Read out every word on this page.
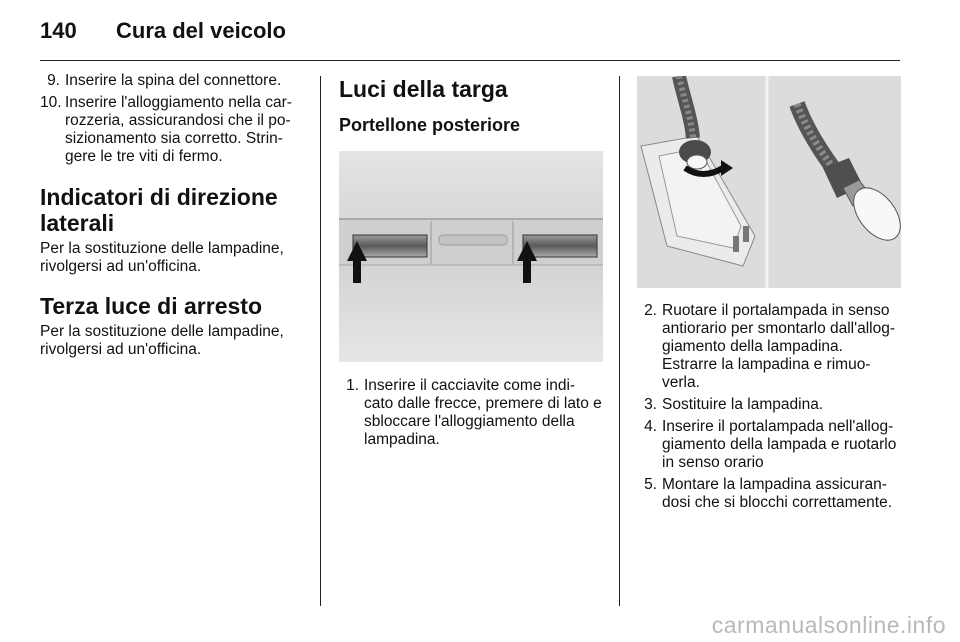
140	Cura del veicolo
9. Inserire la spina del connettore.
10. Inserire l'alloggiamento nella car-rozzeria, assicurandosi che il po-sizionamento sia corretto. Strin-gere le tre viti di fermo.
Indicatori di direzione laterali

Per la sostituzione delle lampadine, rivolgersi ad un'officina.

Terza luce di arresto

Per la sostituzione delle lampadine, rivolgersi ad un'officina.

Luci della targa
Portellone posteriore
1. Inserire il cacciavite come indi-cato dalle frecce, premere di lato e sbloccare l'alloggiamento della lampadina.
2. Ruotare il portalampada in senso antiorario per smontarlo dall'allog-giamento della lampadina. Estrarre la lampadina e rimuo-verla.
3. Sostituire la lampadina.
4. Inserire il portalampada nell'allog-giamento della lampada e ruotarlo in senso orario
5. Montare la lampadina assicuran-dosi che si blocchi correttamente.
carmanualsonline.info
